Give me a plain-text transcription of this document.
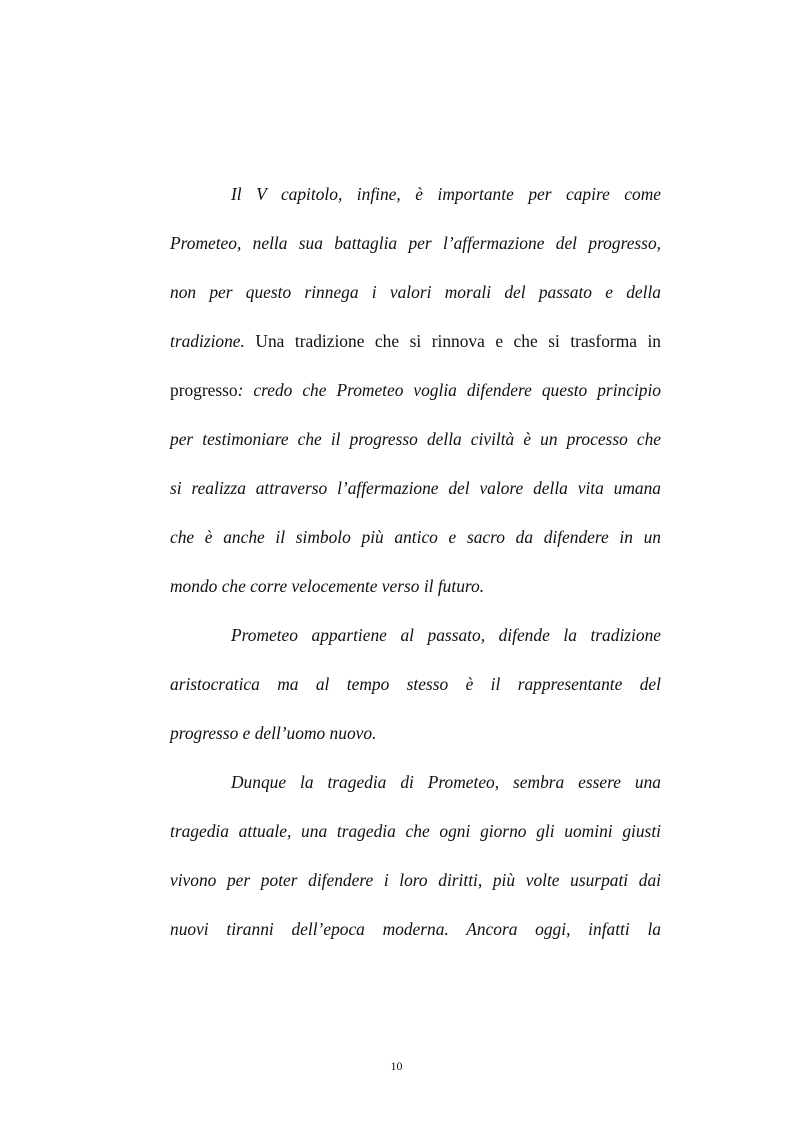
Il V capitolo, infine, è importante per capire come
Prometeo, nella sua battaglia per l’affermazione del progresso,
non per questo rinnega i valori morali del passato e della
tradizione. Una tradizione che si rinnova e che si trasforma in
progresso: credo che Prometeo voglia difendere questo principio
per testimoniare che il progresso della civiltà è un processo che
si realizza attraverso l’affermazione del valore della vita umana
che è anche il simbolo più antico e sacro da difendere in un
mondo che corre velocemente verso il futuro.
Prometeo appartiene al passato, difende la tradizione
aristocratica ma al tempo stesso è il rappresentante del
progresso e dell’uomo nuovo.
Dunque la tragedia di Prometeo, sembra essere una
tragedia attuale, una tragedia che ogni giorno gli uomini giusti
vivono per poter difendere i loro diritti, più volte usurpati dai
nuovi tiranni dell’epoca moderna. Ancora oggi, infatti la
10
